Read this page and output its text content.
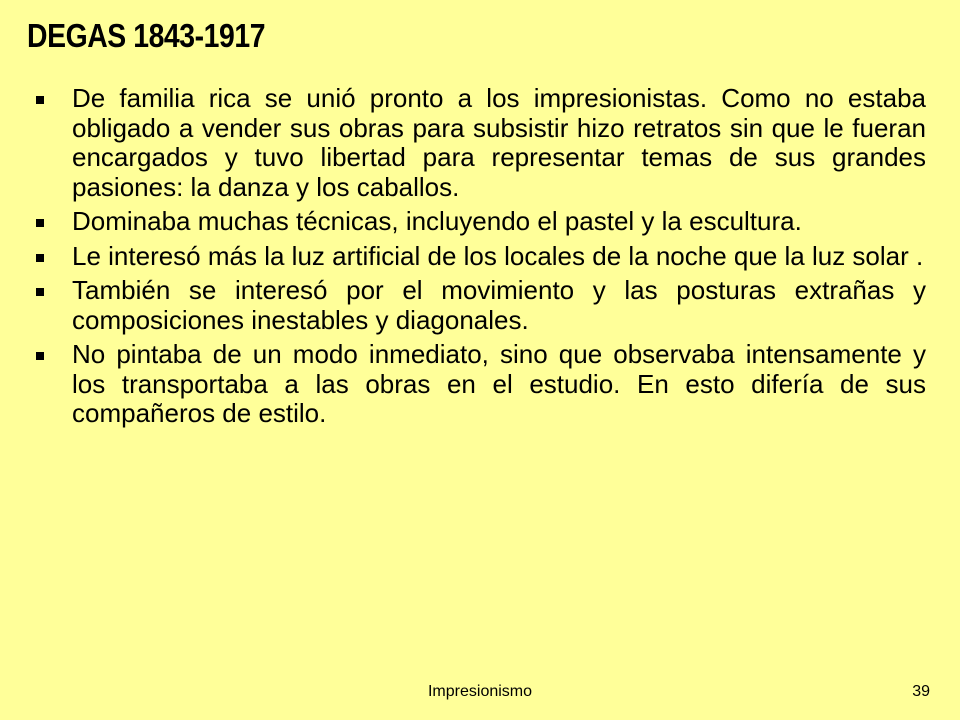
DEGAS 1843-1917
De familia rica se unió pronto a los impresionistas. Como no estaba obligado a vender sus obras para subsistir hizo retratos sin que le fueran encargados y tuvo libertad para representar temas de sus grandes pasiones: la danza y los caballos.
Dominaba muchas técnicas, incluyendo el pastel y la escultura.
Le interesó más la luz artificial de los locales de la noche que la luz solar .
También se interesó por el movimiento y las posturas extrañas y composiciones inestables y diagonales.
No pintaba de un modo inmediato, sino que observaba intensamente y los transportaba a las obras en el estudio. En esto difería de sus compañeros de estilo.
Impresionismo	39
